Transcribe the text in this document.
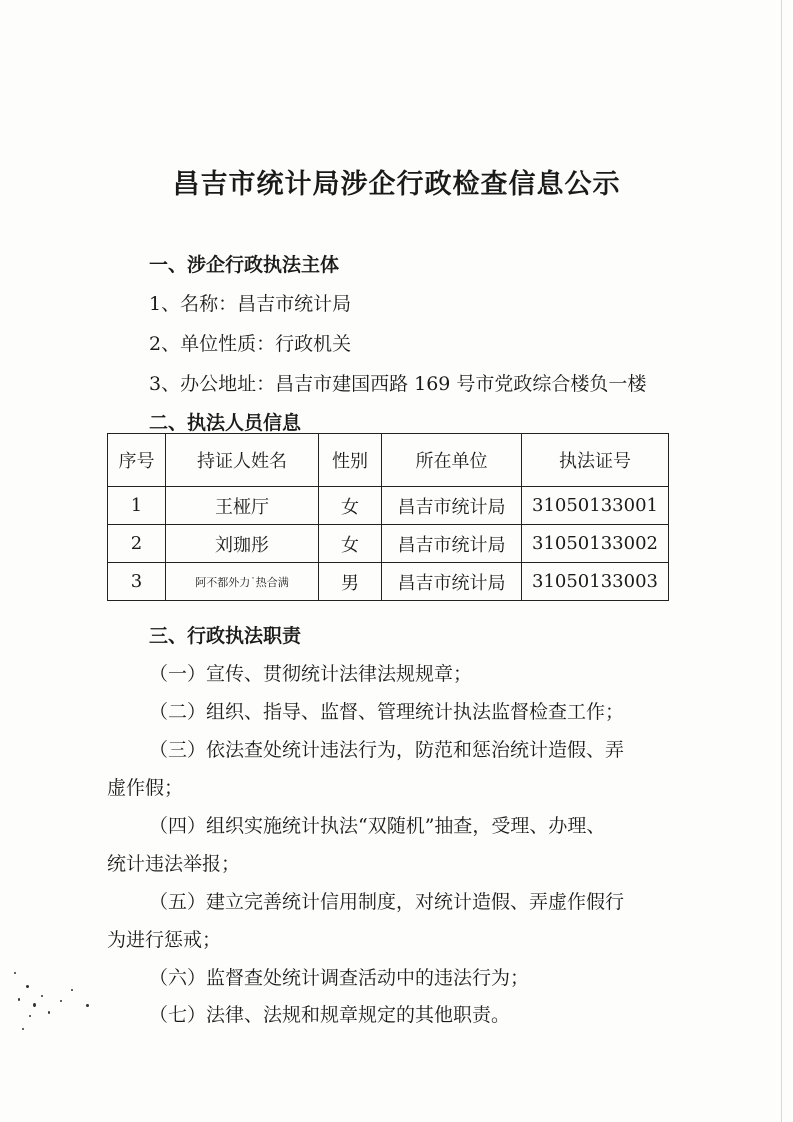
昌吉市统计局涉企行政检查信息公示
一、涉企行政执法主体
1、名称：昌吉市统计局
2、单位性质：行政机关
3、办公地址：昌吉市建国西路 169 号市党政综合楼负一楼
二、执法人员信息
序号	持证人姓名	性别	所在单位	执法证号
1	王桠厅	女	昌吉市统计局	31050133001
2	刘珈彤	女	昌吉市统计局	31050133002
3	阿不都外力˙热合满	男	昌吉市统计局	31050133003
三、行政执法职责
（一）宣传、贯彻统计法律法规规章；
（二）组织、指导、监督、管理统计执法监督检查工作；
（三）依法查处统计违法行为，防范和惩治统计造假、弄
虚作假；
（四）组织实施统计执法“双随机”抽查，受理、办理、
统计违法举报；
（五）建立完善统计信用制度，对统计造假、弄虚作假行
为进行惩戒；
（六）监督查处统计调查活动中的违法行为；
（七）法律、法规和规章规定的其他职责。
